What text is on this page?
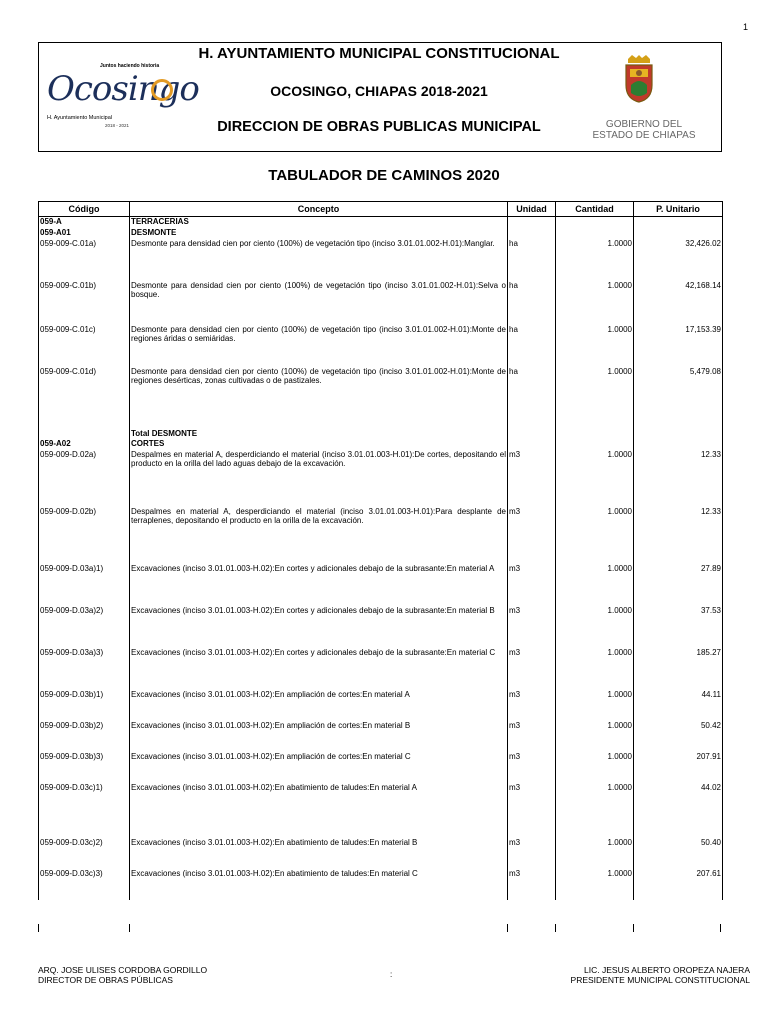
1
Juntos haciendo historia
Ocosingo
H. Ayuntamiento Municipal
2018 - 2021
H. AYUNTAMIENTO MUNICIPAL CONSTITUCIONAL
OCOSINGO, CHIAPAS 2018-2021
DIRECCION DE OBRAS PUBLICAS MUNICIPAL	GOBIERNO DEL
ESTADO DE CHIAPAS
TABULADOR DE CAMINOS 2020
Código	Concepto	Unidad	Cantidad	P. Unitario
059-A	TERRACERIAS			
059-A01	DESMONTE			
059-009-C.01a)	Desmonte para densidad cien por ciento (100%) de vegetación tipo (inciso 3.01.01.002-H.01):Manglar.	ha	1.0000	32,426.02
059-009-C.01b)	Desmonte para densidad cien por ciento (100%) de vegetación tipo (inciso 3.01.01.002-H.01):Selva o bosque.	ha	1.0000	42,168.14
059-009-C.01c)	Desmonte para densidad cien por ciento (100%) de vegetación tipo (inciso 3.01.01.002-H.01):Monte de regiones áridas o semiáridas.	ha	1.0000	17,153.39
059-009-C.01d)	Desmonte para densidad cien por ciento (100%) de vegetación tipo (inciso 3.01.01.002-H.01):Monte de regiones desérticas, zonas cultivadas o de pastizales.	ha	1.0000	5,479.08
	Total DESMONTE			
059-A02	CORTES			
059-009-D.02a)	Despalmes en material A, desperdiciando el material (inciso 3.01.01.003-H.01):De cortes, depositando el producto en la orilla del lado aguas debajo de la excavación.	m3	1.0000	12.33
059-009-D.02b)	Despalmes en material A, desperdiciando el material (inciso 3.01.01.003-H.01):Para desplante de terraplenes, depositando el producto en la orilla de la excavación.	m3	1.0000	12.33
059-009-D.03a)1)	Excavaciones (inciso 3.01.01.003-H.02):En cortes y adicionales debajo de la subrasante:En material A	m3	1.0000	27.89
059-009-D.03a)2)	Excavaciones (inciso 3.01.01.003-H.02):En cortes y adicionales debajo de la subrasante:En material B	m3	1.0000	37.53
059-009-D.03a)3)	Excavaciones (inciso 3.01.01.003-H.02):En cortes y adicionales debajo de la subrasante:En material C	m3	1.0000	185.27
059-009-D.03b)1)	Excavaciones (inciso 3.01.01.003-H.02):En ampliación de cortes:En material A	m3	1.0000	44.11
059-009-D.03b)2)	Excavaciones (inciso 3.01.01.003-H.02):En ampliación de cortes:En material B	m3	1.0000	50.42
059-009-D.03b)3)	Excavaciones (inciso 3.01.01.003-H.02):En ampliación de cortes:En material C	m3	1.0000	207.91
059-009-D.03c)1)	Excavaciones (inciso 3.01.01.003-H.02):En abatimiento de taludes:En material A	m3	1.0000	44.02
059-009-D.03c)2)	Excavaciones (inciso 3.01.01.003-H.02):En abatimiento de taludes:En material B	m3	1.0000	50.40
059-009-D.03c)3)	Excavaciones (inciso 3.01.01.003-H.02):En abatimiento de taludes:En material C	m3	1.0000	207.61
ARQ. JOSE ULISES CORDOBA GORDILLO
DIRECTOR DE OBRAS PÚBLICAS
:	LIC. JESUS ALBERTO OROPEZA NAJERA
PRESIDENTE MUNICIPAL CONSTITUCIONAL
